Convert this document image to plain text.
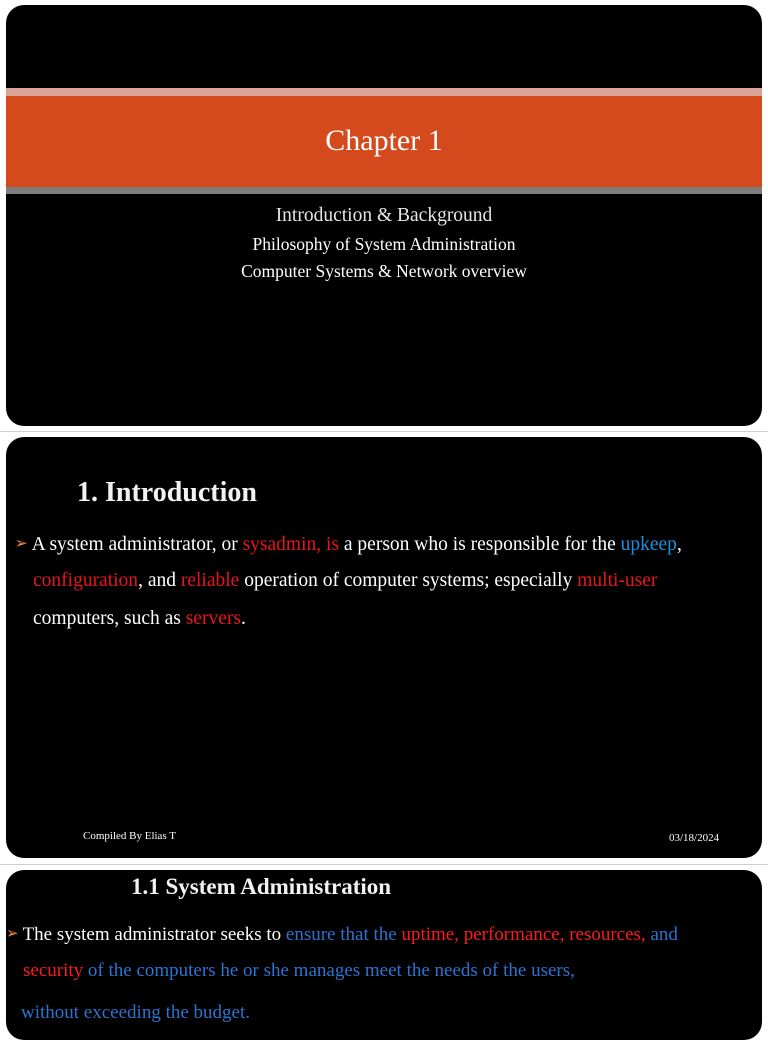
Chapter 1
Introduction & Background
Philosophy of System Administration
Computer Systems & Network overview
1. Introduction
➢ A system administrator, or sysadmin, is a person who is responsible for the upkeep,
configuration, and reliable operation of computer systems; especially multi-user
computers, such as servers.
Compiled By Elias T	03/18/2024
1.1 System Administration
➢ The system administrator seeks to ensure that the uptime, performance, resources, and
security of the computers he or she manages meet the needs of the users,
without exceeding the budget.
